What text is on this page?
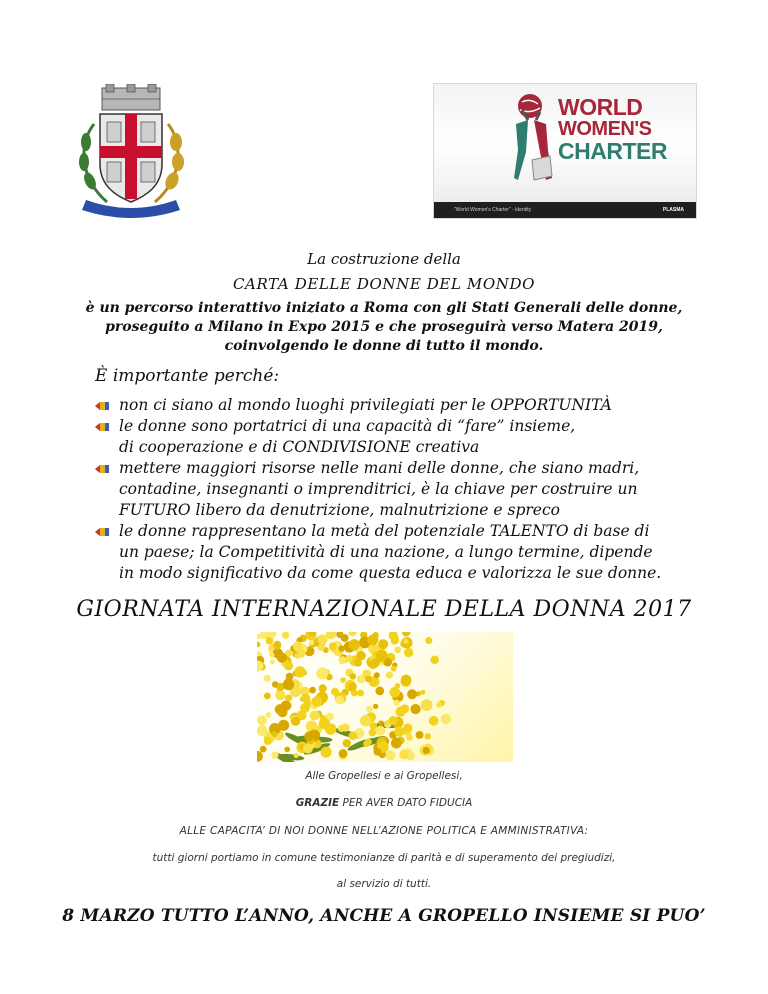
WORLD
WOMEN'S
CHARTER
"World Women's Charter" - Identity	PLASMA
La costruzione della
CARTA DELLE DONNE DEL MONDO
è un percorso interattivo iniziato a Roma con gli Stati Generali delle donne,
proseguito a Milano in Expo 2015 e che proseguirà verso Matera 2019,
coinvolgendo le donne di tutto il mondo.
È importante perché:
non ci siano al mondo luoghi privilegiati per le OPPORTUNITÀ
le donne sono portatrici di una capacità di “fare” insieme,
di cooperazione e di CONDIVISIONE creativa
mettere maggiori risorse nelle mani delle donne, che siano madri,
contadine, insegnanti o imprenditrici, è la chiave per costruire un
FUTURO libero da denutrizione, malnutrizione e spreco
le donne rappresentano la metà del potenziale TALENTO di base di
un paese; la Competitività di una nazione, a lungo termine, dipende
in modo significativo da come questa educa e valorizza le sue donne.
GIORNATA INTERNAZIONALE DELLA DONNA 2017
Alle Gropellesi e ai Gropellesi,
GRAZIE PER AVER DATO FIDUCIA
ALLE CAPACITA’ DI NOI DONNE NELL’AZIONE POLITICA E AMMINISTRATIVA:
tutti giorni portiamo in comune testimonianze di parità e di superamento dei pregiudizi,
al servizio di tutti.
8 MARZO TUTTO L’ANNO, ANCHE A GROPELLO INSIEME SI PUO’
